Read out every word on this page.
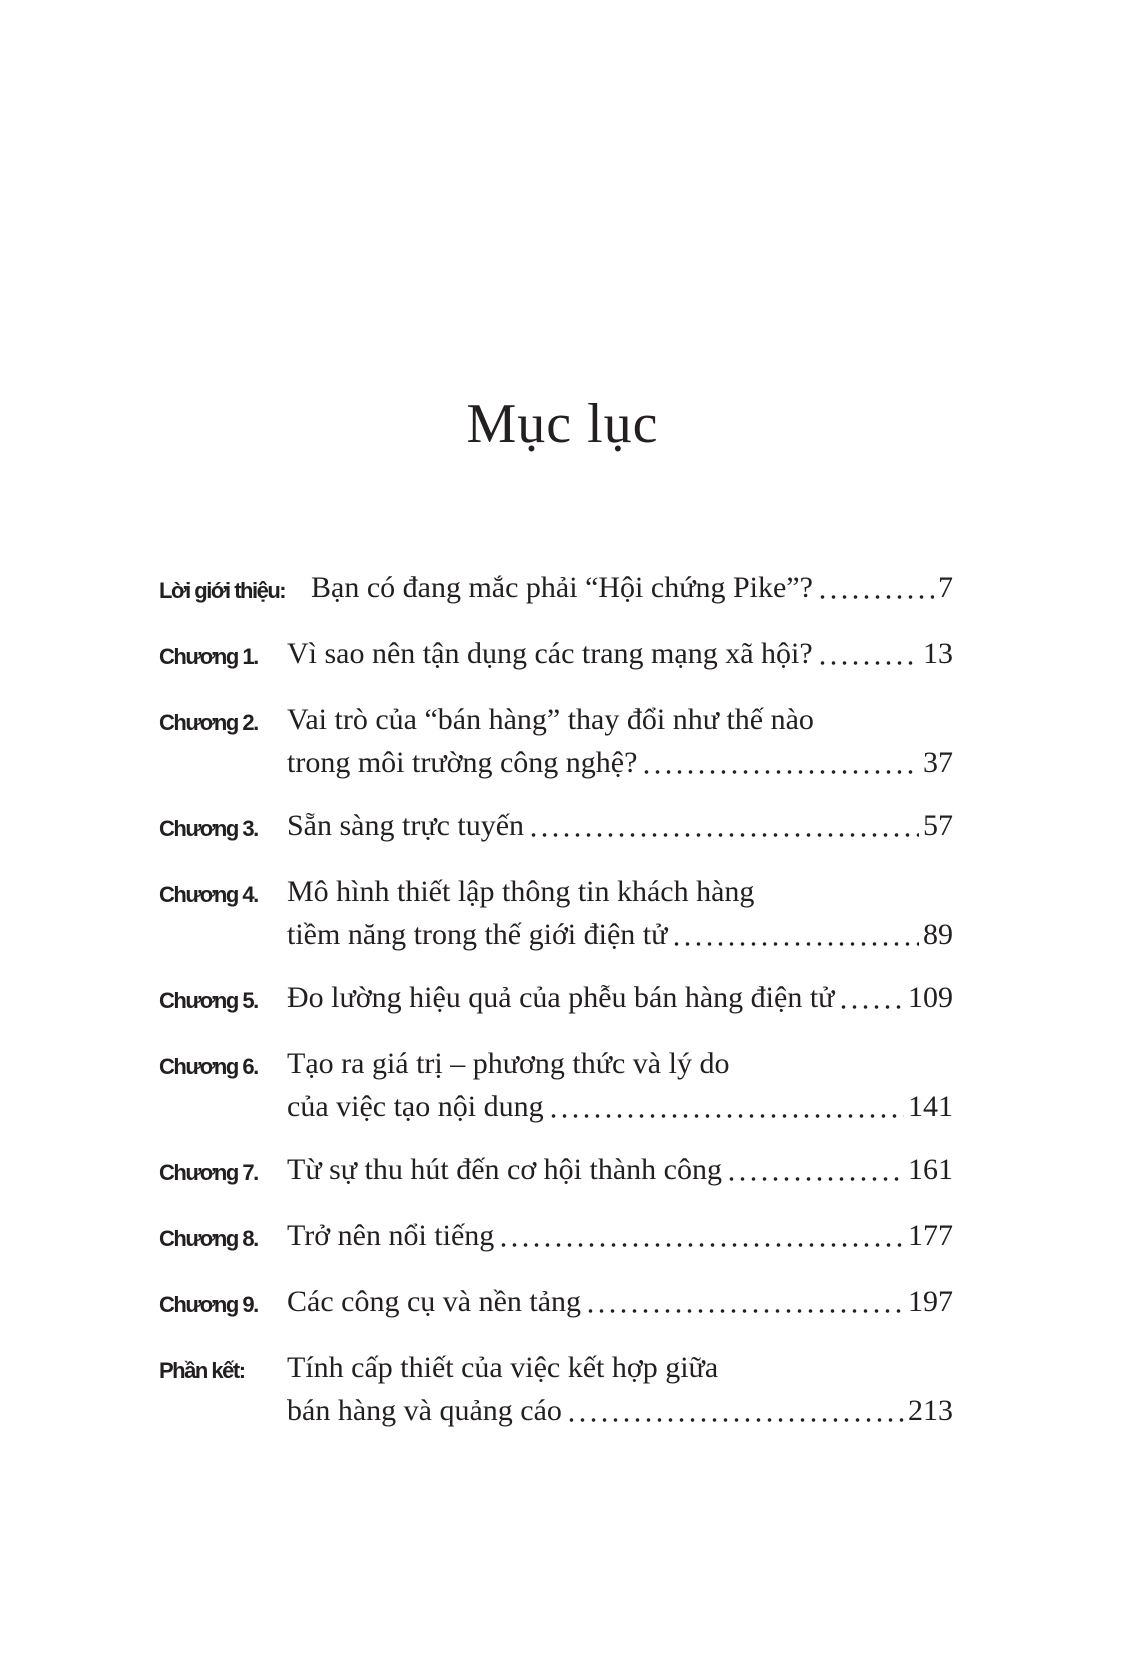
Mục lục
Lời giới thiệu: Bạn có đang mắc phải “Hội chứng Pike”?	7
Chương 1. Vì sao nên tận dụng các trang mạng xã hội?	13
Chương 2. Vai trò của “bán hàng” thay đổi như thế nào
trong môi trường công nghệ?	37
Chương 3. Sẵn sàng trực tuyến	57
Chương 4. Mô hình thiết lập thông tin khách hàng
tiềm năng trong thế giới điện tử	89
Chương 5. Đo lường hiệu quả của phễu bán hàng điện tử 109
Chương 6. Tạo ra giá trị – phương thức và lý do
của việc tạo nội dung	141
Chương 7. Từ sự thu hút đến cơ hội thành công	161
Chương 8. Trở nên nổi tiếng	177
Chương 9. Các công cụ và nền tảng	197
Phần kết:	Tính cấp thiết của việc kết hợp giữa
bán hàng và quảng cáo	213
